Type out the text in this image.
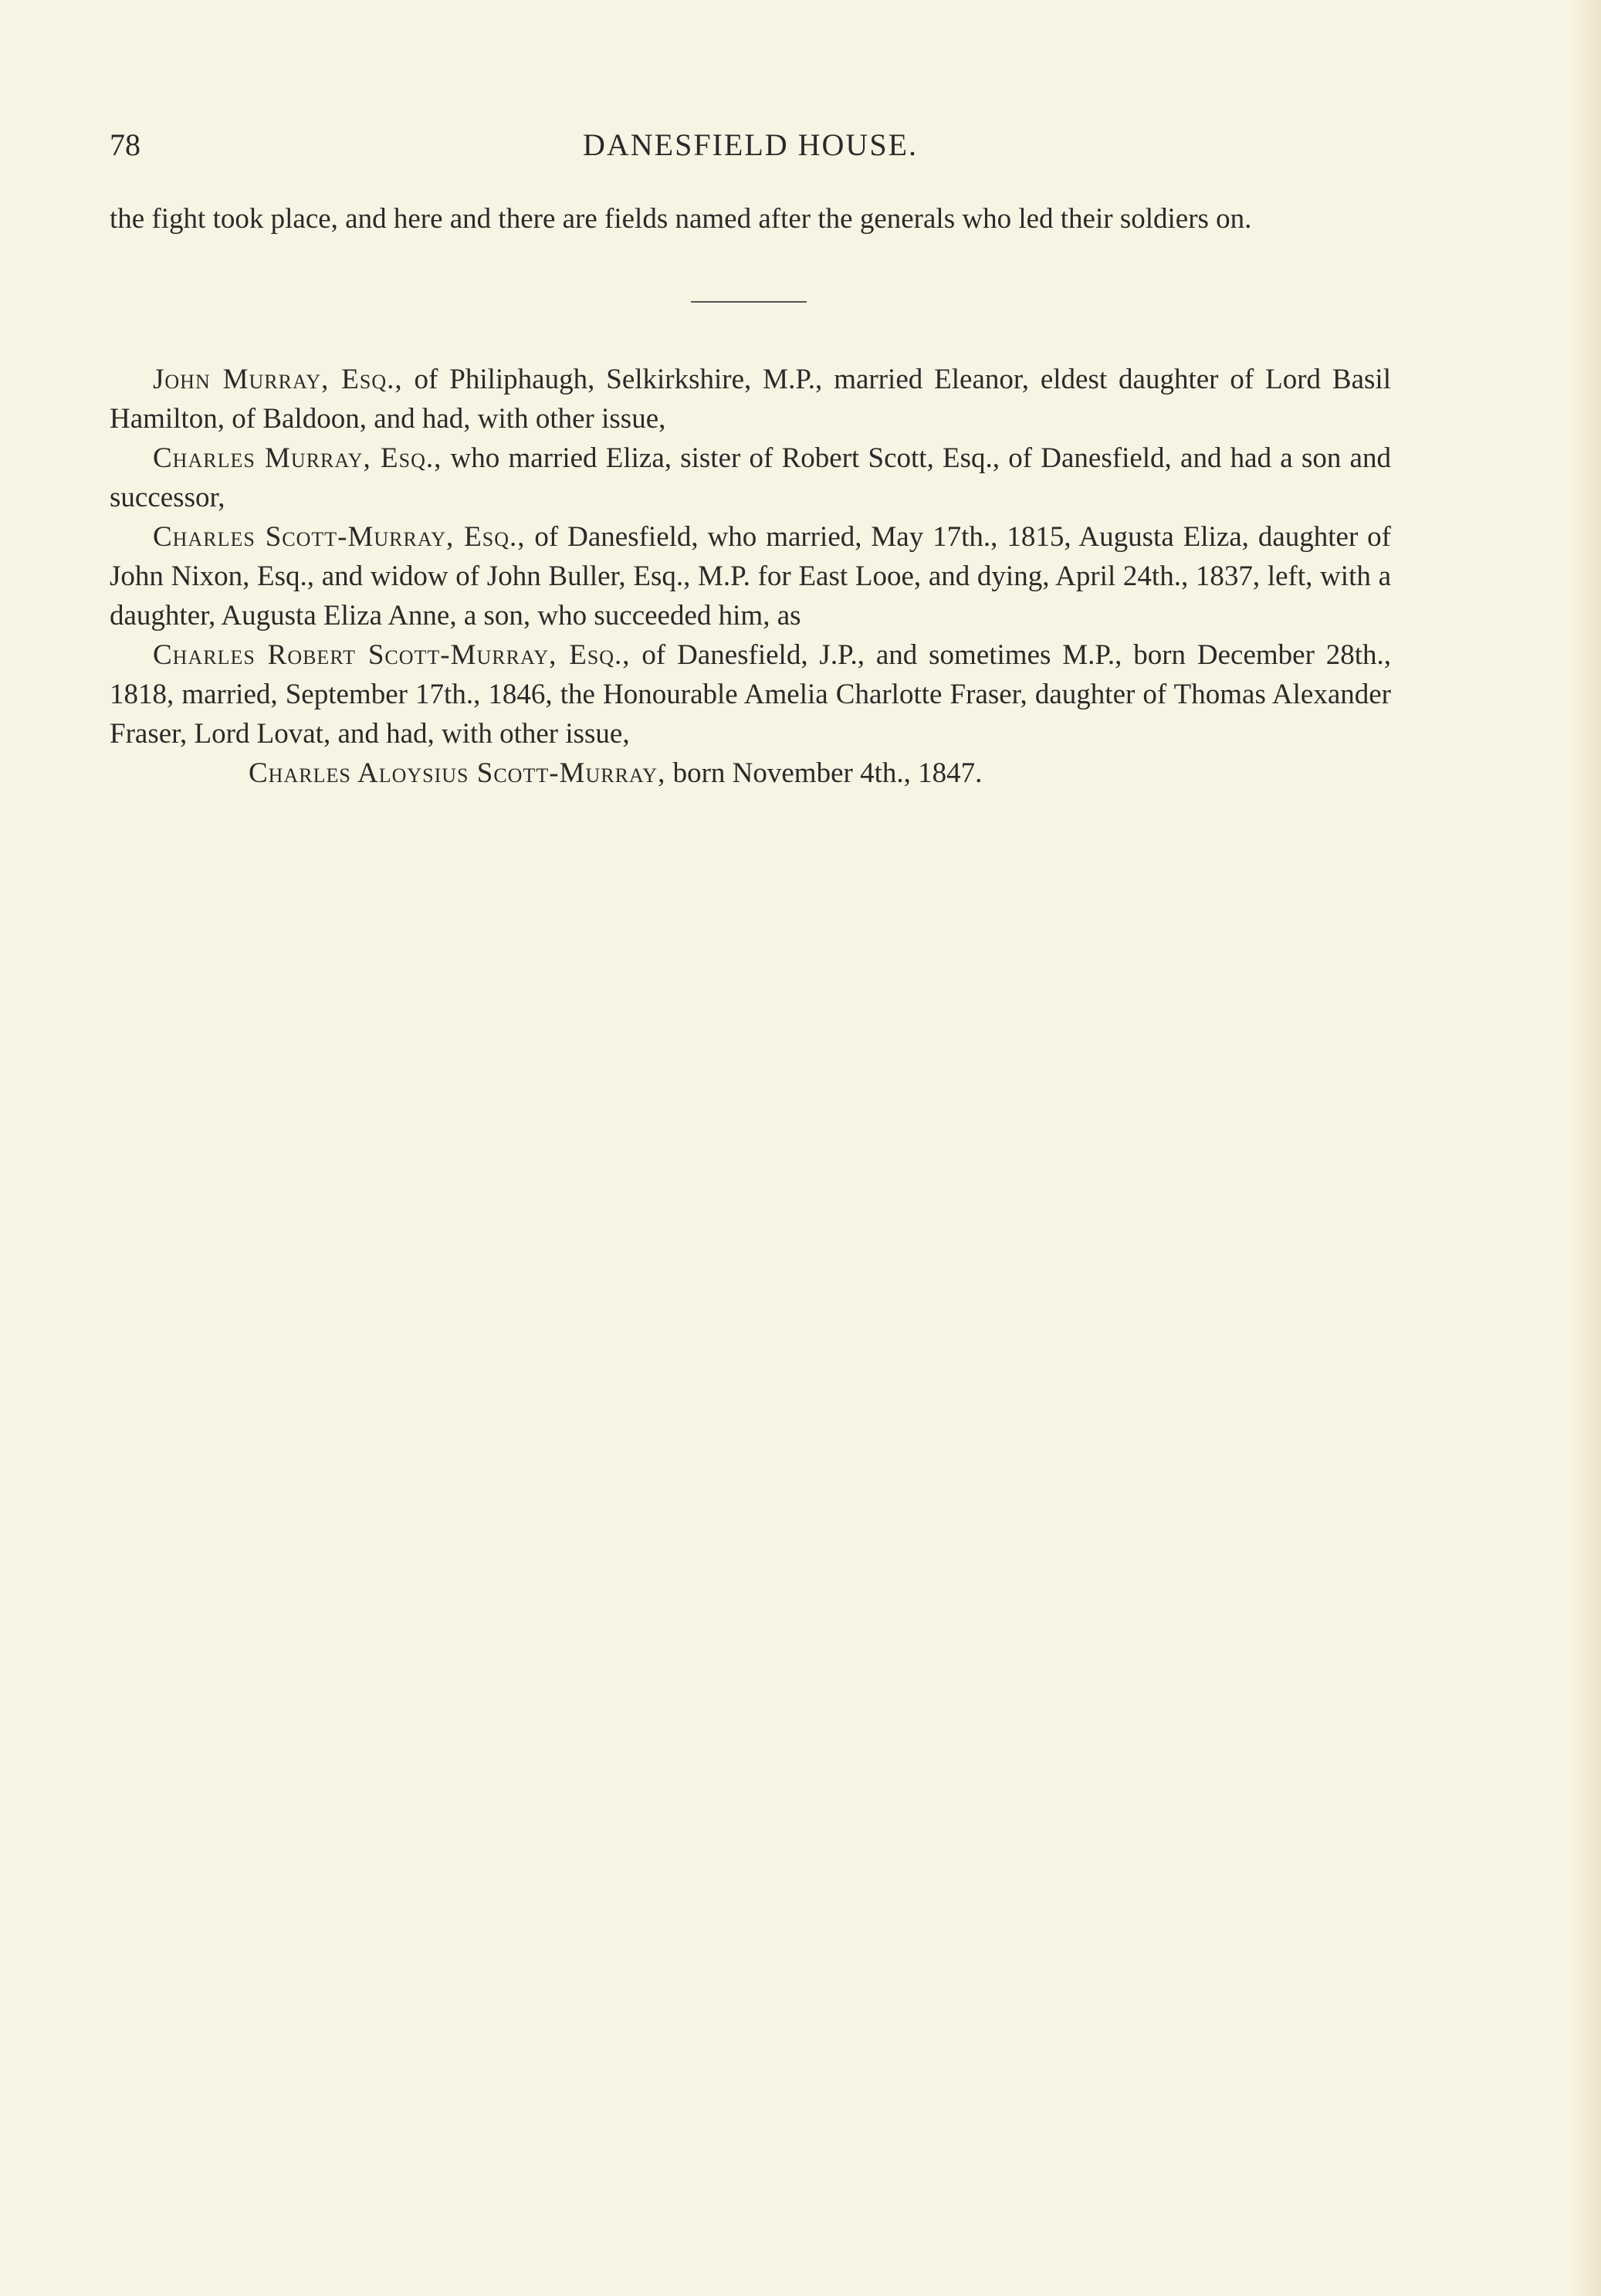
78	DANESFIELD HOUSE.

the fight took place, and here and there are fields named after the generals who led their soldiers on.

John Murray, Esq., of Philiphaugh, Selkirkshire, M.P., married Eleanor, eldest daughter of Lord Basil Hamilton, of Baldoon, and had, with other issue,

Charles Murray, Esq., who married Eliza, sister of Robert Scott, Esq., of Danesfield, and had a son and successor,

Charles Scott-Murray, Esq., of Danesfield, who married, May 17th., 1815, Augusta Eliza, daughter of John Nixon, Esq., and widow of John Buller, Esq., M.P. for East Looe, and dying, April 24th., 1837, left, with a daughter, Augusta Eliza Anne, a son, who succeeded him, as

Charles Robert Scott-Murray, Esq., of Danesfield, J.P., and sometimes M.P., born December 28th., 1818, married, September 17th., 1846, the Honourable Amelia Charlotte Fraser, daughter of Thomas Alexander Fraser, Lord Lovat, and had, with other issue,

Charles Aloysius Scott-Murray, born November 4th., 1847.
